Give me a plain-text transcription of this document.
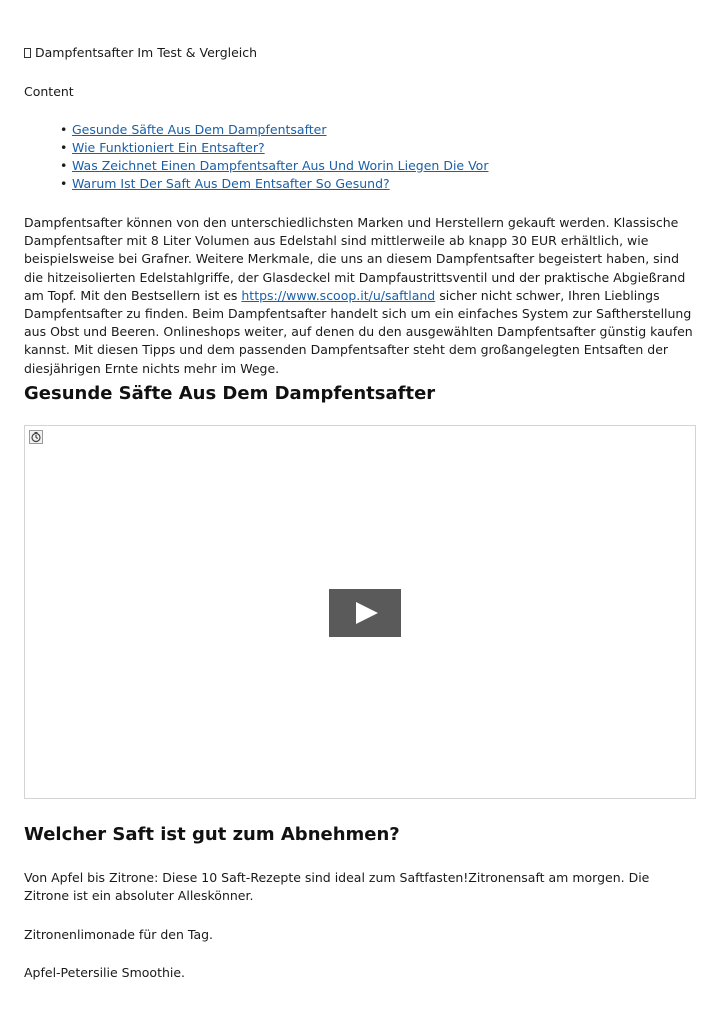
Dampfentsafter Im Test & Vergleich
Content
• Gesunde Säfte Aus Dem Dampfentsafter
• Wie Funktioniert Ein Entsafter?
• Was Zeichnet Einen Dampfentsafter Aus Und Worin Liegen Die Vor
• Warum Ist Der Saft Aus Dem Entsafter So Gesund?

Dampfentsafter können von den unterschiedlichsten Marken und Herstellern gekauft werden. Klassische Dampfentsafter mit 8 Liter Volumen aus Edelstahl sind mittlerweile ab knapp 30 EUR erhältlich, wie beispielsweise bei Grafner. Weitere Merkmale, die uns an diesem Dampfentsafter begeistert haben, sind die hitzeisolierten Edelstahlgriffe, der Glasdeckel mit Dampfaustrittsventil und der praktische Abgießrand am Topf. Mit den Bestsellern ist es https://www.scoop.it/u/saftland sicher nicht schwer, Ihren Lieblings Dampfentsafter zu finden. Beim Dampfentsafter handelt sich um ein einfaches System zur Saftherstellung aus Obst und Beeren. Onlineshops weiter, auf denen du den ausgewählten Dampfentsafter günstig kaufen kannst. Mit diesen Tipps und dem passenden Dampfentsafter steht dem großangelegten Entsaften der diesjährigen Ernte nichts mehr im Wege.

Gesunde Säfte Aus Dem Dampfentsafter
Welcher Saft ist gut zum Abnehmen?

Von Apfel bis Zitrone: Diese 10 Saft-Rezepte sind ideal zum Saftfasten!Zitronensaft am morgen. Die Zitrone ist ein absoluter Alleskönner.

Zitronenlimonade für den Tag.

Apfel-Petersilie Smoothie.
